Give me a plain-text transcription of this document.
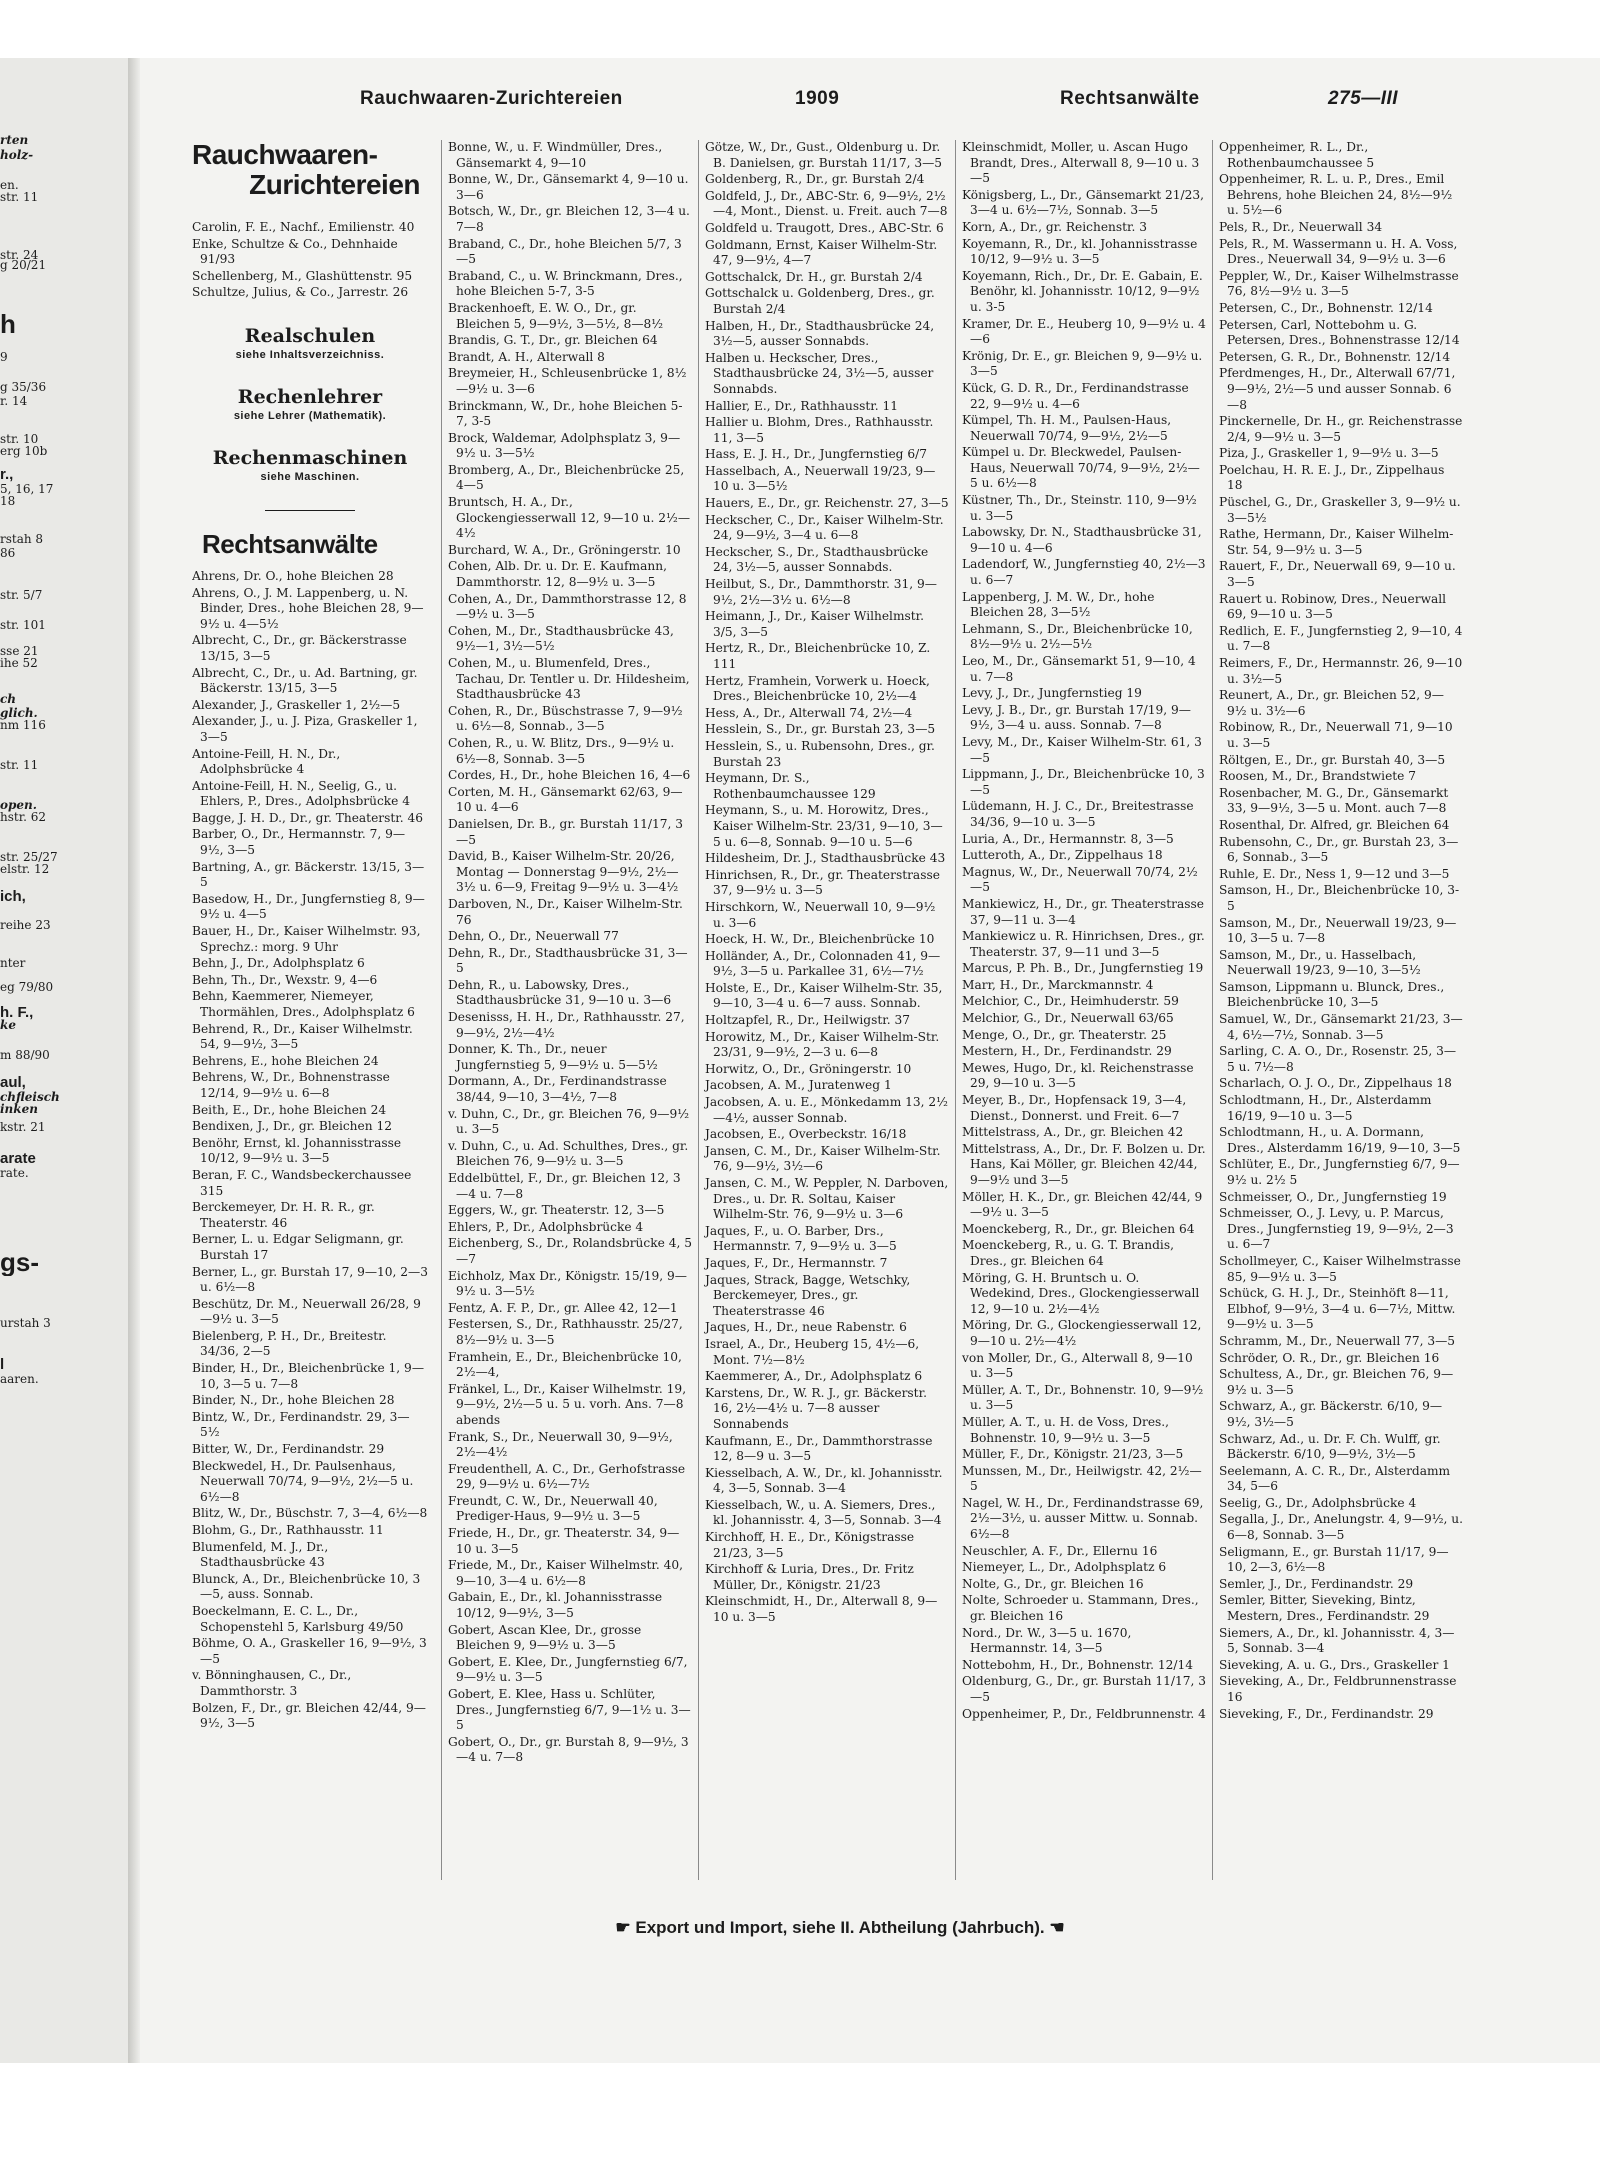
rten
holz-
en.
str. 11
str. 24
g 20/21
h
9
g 35/36
r. 14
str. 10
erg 10b
r.,
5, 16, 17
18
rstah 8
86
str. 5/7
str. 101
sse 21
ihe 52
ch
glich.
nm 116
str. 11
open.
hstr. 62
str. 25/27
elstr. 12
ich,
reihe 23
nter
eg 79/80
h. F.,
ke
m 88/90
aul,
chfleisch
inken
kstr. 21
arate
rate.
gs-
urstah 3
l
aaren.
Rauchwaaren-Zurichtereien	1909	Rechtsanwälte	275—III
Rauchwaaren-
Zurichtereien
Carolin, F. E., Nachf., Emilienstr. 40
Enke, Schultze & Co., Dehnhaide 91/93
Schellenberg, M., Glashüttenstr. 95
Schultze, Julius, & Co., Jarrestr. 26
Realschulen
siehe Inhaltsverzeichniss.
Rechenlehrer
siehe Lehrer (Mathematik).
Rechenmaschinen
siehe Maschinen.
Rechtsanwälte
Ahrens, Dr. O., hohe Bleichen 28
Ahrens, O., J. M. Lappenberg, u. N. Binder, Dres., hohe Bleichen 28, 9—9½ u. 4—5½
Albrecht, C., Dr., gr. Bäckerstrasse 13/15, 3—5
Albrecht, C., Dr., u. Ad. Bartning, gr. Bäckerstr. 13/15, 3—5
Alexander, J., Graskeller 1, 2½—5
Alexander, J., u. J. Piza, Graskeller 1, 3—5
Antoine-Feill, H. N., Dr., Adolphsbrücke 4
Antoine-Feill, H. N., Seelig, G., u. Ehlers, P., Dres., Adolphsbrücke 4
Bagge, J. H. D., Dr., gr. Theaterstr. 46
Barber, O., Dr., Hermannstr. 7, 9—9½, 3—5
Bartning, A., gr. Bäckerstr. 13/15, 3—5
Basedow, H., Dr., Jungfernstieg 8, 9—9½ u. 4—5
Bauer, H., Dr., Kaiser Wilhelmstr. 93, Sprechz.: morg. 9 Uhr
Behn, J., Dr., Adolphsplatz 6
Behn, Th., Dr., Wexstr. 9, 4—6
Behn, Kaemmerer, Niemeyer, Thormählen, Dres., Adolphsplatz 6
Behrend, R., Dr., Kaiser Wilhelmstr. 54, 9—9½, 3—5
Behrens, E., hohe Bleichen 24
Behrens, W., Dr., Bohnenstrasse 12/14, 9—9½ u. 6—8
Beith, E., Dr., hohe Bleichen 24
Bendixen, J., Dr., gr. Bleichen 12
Benöhr, Ernst, kl. Johannisstrasse 10/12, 9—9½ u. 3—5
Beran, F. C., Wandsbeckerchaussee 315
Berckemeyer, Dr. H. R. R., gr. Theaterstr. 46
Berner, L. u. Edgar Seligmann, gr. Burstah 17
Berner, L., gr. Burstah 17, 9—10, 2—3 u. 6½—8
Beschütz, Dr. M., Neuerwall 26/28, 9—9½ u. 3—5
Bielenberg, P. H., Dr., Breitestr. 34/36, 2—5
Binder, H., Dr., Bleichenbrücke 1, 9—10, 3—5 u. 7—8
Binder, N., Dr., hohe Bleichen 28
Bintz, W., Dr., Ferdinandstr. 29, 3—5½
Bitter, W., Dr., Ferdinandstr. 29
Bleckwedel, H., Dr. Paulsenhaus, Neuerwall 70/74, 9—9½, 2½—5 u. 6½—8
Blitz, W., Dr., Büschstr. 7, 3—4, 6½—8
Blohm, G., Dr., Rathhausstr. 11
Blumenfeld, M. J., Dr., Stadthausbrücke 43
Blunck, A., Dr., Bleichenbrücke 10, 3—5, auss. Sonnab.
Boeckelmann, E. C. L., Dr., Schopenstehl 5, Karlsburg 49/50
Böhme, O. A., Graskeller 16, 9—9½, 3—5
v. Bönninghausen, C., Dr., Dammthorstr. 3
Bolzen, F., Dr., gr. Bleichen 42/44, 9—9½, 3—5
Bonne, W., u. F. Windmüller, Dres., Gänsemarkt 4, 9—10
Bonne, W., Dr., Gänsemarkt 4, 9—10 u. 3—6
Botsch, W., Dr., gr. Bleichen 12, 3—4 u. 7—8
Braband, C., Dr., hohe Bleichen 5/7, 3—5
Braband, C., u. W. Brinckmann, Dres., hohe Bleichen 5-7, 3-5
Brackenhoeft, E. W. O., Dr., gr. Bleichen 5, 9—9½, 3—5½, 8—8½
Brandis, G. T., Dr., gr. Bleichen 64
Brandt, A. H., Alterwall 8
Breymeier, H., Schleusenbrücke 1, 8½—9½ u. 3—6
Brinckmann, W., Dr., hohe Bleichen 5-7, 3-5
Brock, Waldemar, Adolphsplatz 3, 9—9½ u. 3—5½
Bromberg, A., Dr., Bleichenbrücke 25, 4—5
Bruntsch, H. A., Dr., Glockengiesserwall 12, 9—10 u. 2½—4½
Burchard, W. A., Dr., Gröningerstr. 10
Cohen, Alb. Dr. u. Dr. E. Kaufmann, Dammthorstr. 12, 8—9½ u. 3—5
Cohen, A., Dr., Dammthorstrasse 12, 8—9½ u. 3—5
Cohen, M., Dr., Stadthausbrücke 43, 9½—1, 3½—5½
Cohen, M., u. Blumenfeld, Dres., Tachau, Dr. Tentler u. Dr. Hildesheim, Stadthausbrücke 43
Cohen, R., Dr., Büschstrasse 7, 9—9½ u. 6½—8, Sonnab., 3—5
Cohen, R., u. W. Blitz, Drs., 9—9½ u. 6½—8, Sonnab. 3—5
Cordes, H., Dr., hohe Bleichen 16, 4—6
Corten, M. H., Gänsemarkt 62/63, 9—10 u. 4—6
Danielsen, Dr. B., gr. Burstah 11/17, 3—5
David, B., Kaiser Wilhelm-Str. 20/26, Montag — Donnerstag 9—9½, 2½—3½ u. 6—9, Freitag 9—9½ u. 3—4½
Darboven, N., Dr., Kaiser Wilhelm-Str. 76
Dehn, O., Dr., Neuerwall 77
Dehn, R., Dr., Stadthausbrücke 31, 3—5
Dehn, R., u. Labowsky, Dres., Stadthausbrücke 31, 9—10 u. 3—6
Desenisss, H. H., Dr., Rathhausstr. 27, 9—9½, 2½—4½
Donner, K. Th., Dr., neuer Jungfernstieg 5, 9—9½ u. 5—5½
Dormann, A., Dr., Ferdinandstrasse 38/44, 9—10, 3—4½, 7—8
v. Duhn, C., Dr., gr. Bleichen 76, 9—9½ u. 3—5
v. Duhn, C., u. Ad. Schulthes, Dres., gr. Bleichen 76, 9—9½ u. 3—5
Eddelbüttel, F., Dr., gr. Bleichen 12, 3—4 u. 7—8
Eggers, W., gr. Theaterstr. 12, 3—5
Ehlers, P., Dr., Adolphsbrücke 4
Eichenberg, S., Dr., Rolandsbrücke 4, 5—7
Eichholz, Max Dr., Königstr. 15/19, 9—9½ u. 3—5½
Fentz, A. F. P., Dr., gr. Allee 42, 12—1
Festersen, S., Dr., Rathhausstr. 25/27, 8½—9½ u. 3—5
Framhein, E., Dr., Bleichenbrücke 10, 2½—4,
Fränkel, L., Dr., Kaiser Wilhelmstr. 19, 9—9½, 2½—5 u. 5 u. vorh. Ans. 7—8 abends
Frank, S., Dr., Neuerwall 30, 9—9½, 2½—4½
Freudenthell, A. C., Dr., Gerhofstrasse 29, 9—9½ u. 6½—7½
Freundt, C. W., Dr., Neuerwall 40, Prediger-Haus, 9—9½ u. 3—5
Friede, H., Dr., gr. Theaterstr. 34, 9—10 u. 3—5
Friede, M., Dr., Kaiser Wilhelmstr. 40, 9—10, 3—4 u. 6½—8
Gabain, E., Dr., kl. Johannisstrasse 10/12, 9—9½, 3—5
Gobert, Ascan Klee, Dr., grosse Bleichen 9, 9—9½ u. 3—5
Gobert, E. Klee, Dr., Jungfernstieg 6/7, 9—9½ u. 3—5
Gobert, E. Klee, Hass u. Schlüter, Dres., Jungfernstieg 6/7, 9—1½ u. 3—5
Gobert, O., Dr., gr. Burstah 8, 9—9½, 3—4 u. 7—8
Götze, W., Dr., Gust., Oldenburg u. Dr. B. Danielsen, gr. Burstah 11/17, 3—5
Goldenberg, R., Dr., gr. Burstah 2/4
Goldfeld, J., Dr., ABC-Str. 6, 9—9½, 2½—4, Mont., Dienst. u. Freit. auch 7—8
Goldfeld u. Traugott, Dres., ABC-Str. 6
Goldmann, Ernst, Kaiser Wilhelm-Str. 47, 9—9½, 4—7
Gottschalck, Dr. H., gr. Burstah 2/4
Gottschalck u. Goldenberg, Dres., gr. Burstah 2/4
Halben, H., Dr., Stadthausbrücke 24, 3½—5, ausser Sonnabds.
Halben u. Heckscher, Dres., Stadthausbrücke 24, 3½—5, ausser Sonnabds.
Hallier, E., Dr., Rathhausstr. 11
Hallier u. Blohm, Dres., Rathhausstr. 11, 3—5
Hass, E. J. H., Dr., Jungfernstieg 6/7
Hasselbach, A., Neuerwall 19/23, 9—10 u. 3—5½
Hauers, E., Dr., gr. Reichenstr. 27, 3—5
Heckscher, C., Dr., Kaiser Wilhelm-Str. 24, 9—9½, 3—4 u. 6—8
Heckscher, S., Dr., Stadthausbrücke 24, 3½—5, ausser Sonnabds.
Heilbut, S., Dr., Dammthorstr. 31, 9—9½, 2½—3½ u. 6½—8
Heimann, J., Dr., Kaiser Wilhelmstr. 3/5, 3—5
Hertz, R., Dr., Bleichenbrücke 10, Z. 111
Hertz, Framhein, Vorwerk u. Hoeck, Dres., Bleichenbrücke 10, 2½—4
Hess, A., Dr., Alterwall 74, 2½—4
Hesslein, S., Dr., gr. Burstah 23, 3—5
Hesslein, S., u. Rubensohn, Dres., gr. Burstah 23
Heymann, Dr. S., Rothenbaumchaussee 129
Heymann, S., u. M. Horowitz, Dres., Kaiser Wilhelm-Str. 23/31, 9—10, 3—5 u. 6—8, Sonnab. 9—10 u. 5—6
Hildesheim, Dr. J., Stadthausbrücke 43
Hinrichsen, R., Dr., gr. Theaterstrasse 37, 9—9½ u. 3—5
Hirschkorn, W., Neuerwall 10, 9—9½ u. 3—6
Hoeck, H. W., Dr., Bleichenbrücke 10
Holländer, A., Dr., Colonnaden 41, 9—9½, 3—5 u. Parkallee 31, 6½—7½
Holste, E., Dr., Kaiser Wilhelm-Str. 35, 9—10, 3—4 u. 6—7 auss. Sonnab.
Holtzapfel, R., Dr., Heilwigstr. 37
Horowitz, M., Dr., Kaiser Wilhelm-Str. 23/31, 9—9½, 2—3 u. 6—8
Horwitz, O., Dr., Gröningerstr. 10
Jacobsen, A. M., Juratenweg 1
Jacobsen, A. u. E., Mönkedamm 13, 2½—4½, ausser Sonnab.
Jacobsen, E., Overbeckstr. 16/18
Jansen, C. M., Dr., Kaiser Wilhelm-Str. 76, 9—9½, 3½—6
Jansen, C. M., W. Peppler, N. Darboven, Dres., u. Dr. R. Soltau, Kaiser Wilhelm-Str. 76, 9—9½ u. 3—6
Jaques, F., u. O. Barber, Drs., Hermannstr. 7, 9—9½ u. 3—5
Jaques, F., Dr., Hermannstr. 7
Jaques, Strack, Bagge, Wetschky, Berckemeyer, Dres., gr. Theaterstrasse 46
Jaques, H., Dr., neue Rabenstr. 6
Israel, A., Dr., Heuberg 15, 4½—6, Mont. 7½—8½
Kaemmerer, A., Dr., Adolphsplatz 6
Karstens, Dr., W. R. J., gr. Bäckerstr. 16, 2½—4½ u. 7—8 ausser Sonnabends
Kaufmann, E., Dr., Dammthorstrasse 12, 8—9 u. 3—5
Kiesselbach, A. W., Dr., kl. Johannisstr. 4, 3—5, Sonnab. 3—4
Kiesselbach, W., u. A. Siemers, Dres., kl. Johannisstr. 4, 3—5, Sonnab. 3—4
Kirchhoff, H. E., Dr., Königstrasse 21/23, 3—5
Kirchhoff & Luria, Dres., Dr. Fritz Müller, Dr., Königstr. 21/23
Kleinschmidt, H., Dr., Alterwall 8, 9—10 u. 3—5
Kleinschmidt, Moller, u. Ascan Hugo Brandt, Dres., Alterwall 8, 9—10 u. 3—5
Königsberg, L., Dr., Gänsemarkt 21/23, 3—4 u. 6½—7½, Sonnab. 3—5
Korn, A., Dr., gr. Reichenstr. 3
Koyemann, R., Dr., kl. Johannisstrasse 10/12, 9—9½ u. 3—5
Koyemann, Rich., Dr., Dr. E. Gabain, E. Benöhr, kl. Johannisstr. 10/12, 9—9½ u. 3-5
Kramer, Dr. E., Heuberg 10, 9—9½ u. 4—6
Krönig, Dr. E., gr. Bleichen 9, 9—9½ u. 3—5
Kück, G. D. R., Dr., Ferdinandstrasse 22, 9—9½ u. 4—6
Kümpel, Th. H. M., Paulsen-Haus, Neuerwall 70/74, 9—9½, 2½—5
Kümpel u. Dr. Bleckwedel, Paulsen-Haus, Neuerwall 70/74, 9—9½, 2½—5 u. 6½—8
Küstner, Th., Dr., Steinstr. 110, 9—9½ u. 3—5
Labowsky, Dr. N., Stadthausbrücke 31, 9—10 u. 4—6
Ladendorf, W., Jungfernstieg 40, 2½—3 u. 6—7
Lappenberg, J. M. W., Dr., hohe Bleichen 28, 3—5½
Lehmann, S., Dr., Bleichenbrücke 10, 8½—9½ u. 2½—5½
Leo, M., Dr., Gänsemarkt 51, 9—10, 4 u. 7—8
Levy, J., Dr., Jungfernstieg 19
Levy, J. B., Dr., gr. Burstah 17/19, 9—9½, 3—4 u. auss. Sonnab. 7—8
Levy, M., Dr., Kaiser Wilhelm-Str. 61, 3—5
Lippmann, J., Dr., Bleichenbrücke 10, 3—5
Lüdemann, H. J. C., Dr., Breitestrasse 34/36, 9—10 u. 3—5
Luria, A., Dr., Hermannstr. 8, 3—5
Lutteroth, A., Dr., Zippelhaus 18
Magnus, W., Dr., Neuerwall 70/74, 2½—5
Mankiewicz, H., Dr., gr. Theaterstrasse 37, 9—11 u. 3—4
Mankiewicz u. R. Hinrichsen, Dres., gr. Theaterstr. 37, 9—11 und 3—5
Marcus, P. Ph. B., Dr., Jungfernstieg 19
Marr, H., Dr., Marckmannstr. 4
Melchior, C., Dr., Heimhuderstr. 59
Melchior, G., Dr., Neuerwall 63/65
Menge, O., Dr., gr. Theaterstr. 25
Mestern, H., Dr., Ferdinandstr. 29
Mewes, Hugo, Dr., kl. Reichenstrasse 29, 9—10 u. 3—5
Meyer, B., Dr., Hopfensack 19, 3—4, Dienst., Donnerst. und Freit. 6—7
Mittelstrass, A., Dr., gr. Bleichen 42
Mittelstrass, A., Dr., Dr. F. Bolzen u. Dr. Hans, Kai Möller, gr. Bleichen 42/44, 9—9½ und 3—5
Möller, H. K., Dr., gr. Bleichen 42/44, 9—9½ u. 3—5
Moenckeberg, R., Dr., gr. Bleichen 64
Moenckeberg, R., u. G. T. Brandis, Dres., gr. Bleichen 64
Möring, G. H. Bruntsch u. O. Wedekind, Dres., Glockengiesserwall 12, 9—10 u. 2½—4½
Möring, Dr. G., Glockengiesserwall 12, 9—10 u. 2½—4½
von Moller, Dr., G., Alterwall 8, 9—10 u. 3—5
Müller, A. T., Dr., Bohnenstr. 10, 9—9½ u. 3—5
Müller, A. T., u. H. de Voss, Dres., Bohnenstr. 10, 9—9½ u. 3—5
Müller, F., Dr., Königstr. 21/23, 3—5
Munssen, M., Dr., Heilwigstr. 42, 2½—5
Nagel, W. H., Dr., Ferdinandstrasse 69, 2½—3½, u. ausser Mittw. u. Sonnab. 6½—8
Neuschler, A. F., Dr., Ellernu 16
Niemeyer, L., Dr., Adolphsplatz 6
Nolte, G., Dr., gr. Bleichen 16
Nolte, Schroeder u. Stammann, Dres., gr. Bleichen 16
Nord., Dr. W., 3—5 u. 1670, Hermannstr. 14, 3—5
Nottebohm, H., Dr., Bohnenstr. 12/14
Oldenburg, G., Dr., gr. Burstah 11/17, 3—5
Oppenheimer, P., Dr., Feldbrunnenstr. 4
Oppenheimer, R. L., Dr., Rothenbaumchaussee 5
Oppenheimer, R. L. u. P., Dres., Emil Behrens, hohe Bleichen 24, 8½—9½ u. 5½—6
Pels, R., Dr., Neuerwall 34
Pels, R., M. Wassermann u. H. A. Voss, Dres., Neuerwall 34, 9—9½ u. 3—6
Peppler, W., Dr., Kaiser Wilhelmstrasse 76, 8½—9½ u. 3—5
Petersen, C., Dr., Bohnenstr. 12/14
Petersen, Carl, Nottebohm u. G. Petersen, Dres., Bohnenstrasse 12/14
Petersen, G. R., Dr., Bohnenstr. 12/14
Pferdmenges, H., Dr., Alterwall 67/71, 9—9½, 2½—5 und ausser Sonnab. 6—8
Pinckernelle, Dr. H., gr. Reichenstrasse 2/4, 9—9½ u. 3—5
Piza, J., Graskeller 1, 9—9½ u. 3—5
Poelchau, H. R. E. J., Dr., Zippelhaus 18
Püschel, G., Dr., Graskeller 3, 9—9½ u. 3—5½
Rathe, Hermann, Dr., Kaiser Wilhelm-Str. 54, 9—9½ u. 3—5
Rauert, F., Dr., Neuerwall 69, 9—10 u. 3—5
Rauert u. Robinow, Dres., Neuerwall 69, 9—10 u. 3—5
Redlich, E. F., Jungfernstieg 2, 9—10, 4 u. 7—8
Reimers, F., Dr., Hermannstr. 26, 9—10 u. 3½—5
Reunert, A., Dr., gr. Bleichen 52, 9—9½ u. 3½—6
Robinow, R., Dr., Neuerwall 71, 9—10 u. 3—5
Röltgen, E., Dr., gr. Burstah 40, 3—5
Roosen, M., Dr., Brandstwiete 7
Rosenbacher, M. G., Dr., Gänsemarkt 33, 9—9½, 3—5 u. Mont. auch 7—8
Rosenthal, Dr. Alfred, gr. Bleichen 64
Rubensohn, C., Dr., gr. Burstah 23, 3—6, Sonnab., 3—5
Ruhle, E. Dr., Ness 1, 9—12 und 3—5
Samson, H., Dr., Bleichenbrücke 10, 3-5
Samson, M., Dr., Neuerwall 19/23, 9—10, 3—5 u. 7—8
Samson, M., Dr., u. Hasselbach, Neuerwall 19/23, 9—10, 3—5½
Samson, Lippmann u. Blunck, Dres., Bleichenbrücke 10, 3—5
Samuel, W., Dr., Gänsemarkt 21/23, 3—4, 6½—7½, Sonnab. 3—5
Sarling, C. A. O., Dr., Rosenstr. 25, 3—5 u. 7½—8
Scharlach, O. J. O., Dr., Zippelhaus 18
Schlodtmann, H., Dr., Alsterdamm 16/19, 9—10 u. 3—5
Schlodtmann, H., u. A. Dormann, Dres., Alsterdamm 16/19, 9—10, 3—5
Schlüter, E., Dr., Jungfernstieg 6/7, 9—9½ u. 2½ 5
Schmeisser, O., Dr., Jungfernstieg 19
Schmeisser, O., J. Levy, u. P. Marcus, Dres., Jungfernstieg 19, 9—9½, 2—3 u. 6—7
Schollmeyer, C., Kaiser Wilhelmstrasse 85, 9—9½ u. 3—5
Schück, G. H. J., Dr., Steinhöft 8—11, Elbhof, 9—9½, 3—4 u. 6—7½, Mittw. 9—9½ u. 3—5
Schramm, M., Dr., Neuerwall 77, 3—5
Schröder, O. R., Dr., gr. Bleichen 16
Schultess, A., Dr., gr. Bleichen 76, 9—9½ u. 3—5
Schwarz, A., gr. Bäckerstr. 6/10, 9—9½, 3½—5
Schwarz, Ad., u. Dr. F. Ch. Wulff, gr. Bäckerstr. 6/10, 9—9½, 3½—5
Seelemann, A. C. R., Dr., Alsterdamm 34, 5—6
Seelig, G., Dr., Adolphsbrücke 4
Segalla, J., Dr., Anelungstr. 4, 9—9½, u. 6—8, Sonnab. 3—5
Seligmann, E., gr. Burstah 11/17, 9—10, 2—3, 6½—8
Semler, J., Dr., Ferdinandstr. 29
Semler, Bitter, Sieveking, Bintz, Mestern, Dres., Ferdinandstr. 29
Siemers, A., Dr., kl. Johannisstr. 4, 3—5, Sonnab. 3—4
Sieveking, A. u. G., Drs., Graskeller 1
Sieveking, A., Dr., Feldbrunnenstrasse 16
Sieveking, F., Dr., Ferdinandstr. 29
☛ Export und Import, siehe II. Abtheilung (Jahrbuch). ☚
